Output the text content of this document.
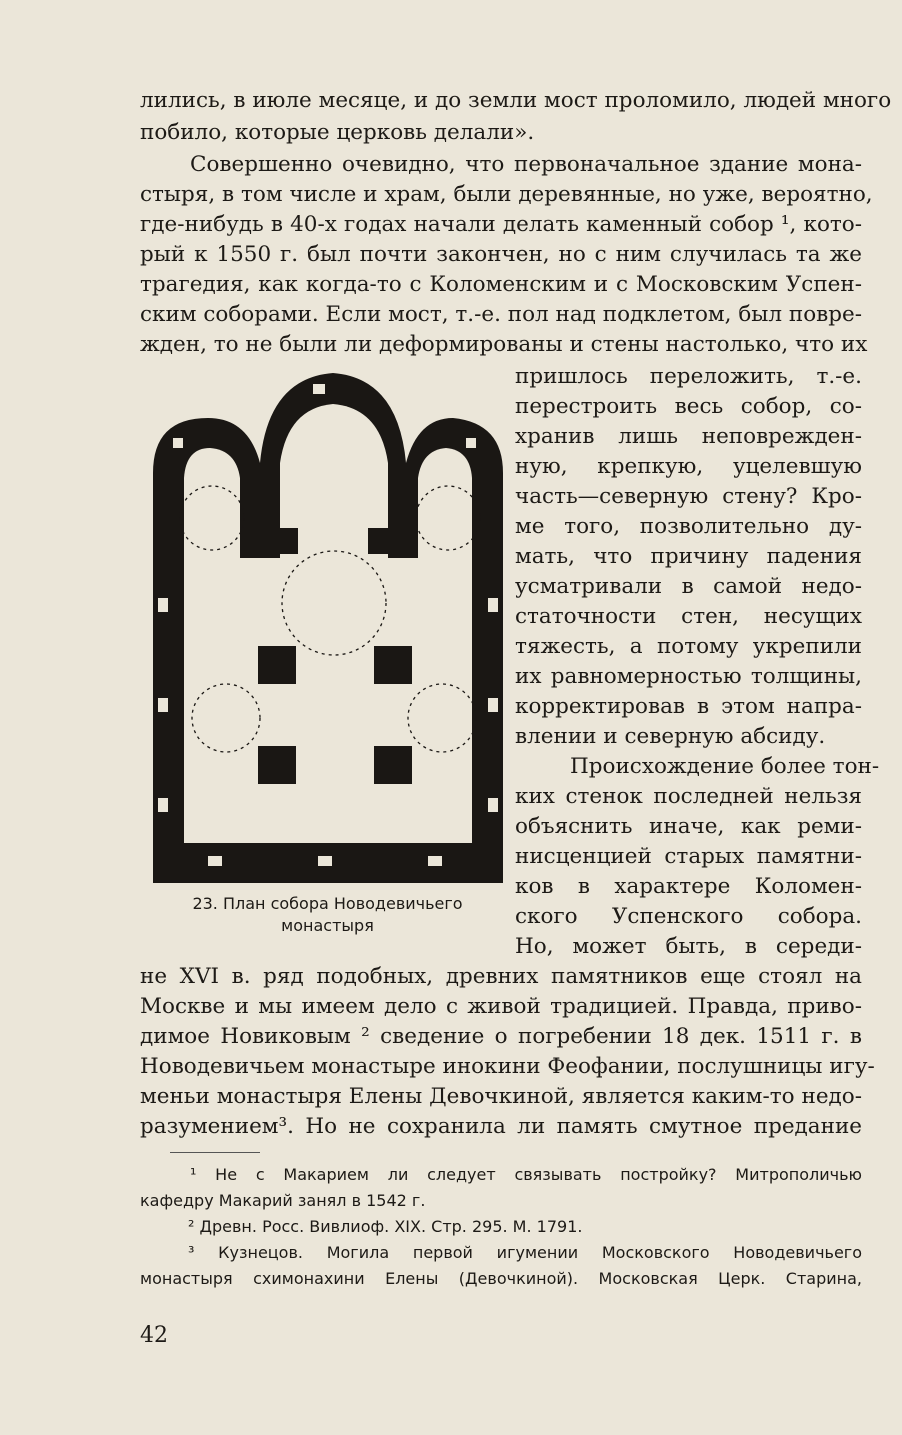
лились, в июле месяце, и до земли мост проломило, людей много
побило, которые церковь делали».
Совершенно очевидно, что первоначальное здание мона-
стыря, в том числе и храм, были деревянные, но уже, вероятно,
где-нибудь в 40-х годах начали делать каменный собор ¹, кото-
рый к 1550 г. был почти закончен, но с ним случилась та же
трагедия, как когда-то с Коломенским и с Московским Успен-
ским соборами. Если мост, т.-е. пол над подклетом, был повре-
жден, то не были ли деформированы и стены настолько, что их
пришлось переложить, т.-е.
перестроить весь собор, со-
хранив лишь неповрежден-
ную, крепкую, уцелевшую
часть—северную стену? Кро-
ме того, позволительно ду-
мать, что причину падения
усматривали в самой недо-
статочности стен, несущих
тяжесть, а потому укрепили
их равномерностью толщины,
корректировав в этом напра-
влении и северную абсиду.
Происхождение более тон-
ких стенок последней нельзя
объяснить иначе, как реми-
нисценцией старых памятни-
ков в характере Коломен-
ского Успенского собора.
Но, может быть, в середи-
не XVI в. ряд подобных, древних памятников еще стоял на
Москве и мы имеем дело с живой традицией. Правда, приво-
димое Новиковым ² сведение о погребении 18 дек. 1511 г. в
Новодевичьем монастыре инокини Феофании, послушницы игу-
меньи монастыря Елены Девочкиной, является каким-то недо-
разумением³. Но не сохранила ли память смутное предание
23. План собора Новодевичьего
монастыря
¹ Не с Макарием ли следует связывать постройку? Митрополичью
кафедру Макарий занял в 1542 г.
² Древн. Росс. Вивлиоф. XIX. Стр. 295. М. 1791.
³ Кузнецов. Могила первой игумении Московского Новодевичьего
монастыря схимонахини Елены (Девочкиной). Московская Церк. Старина,
42
